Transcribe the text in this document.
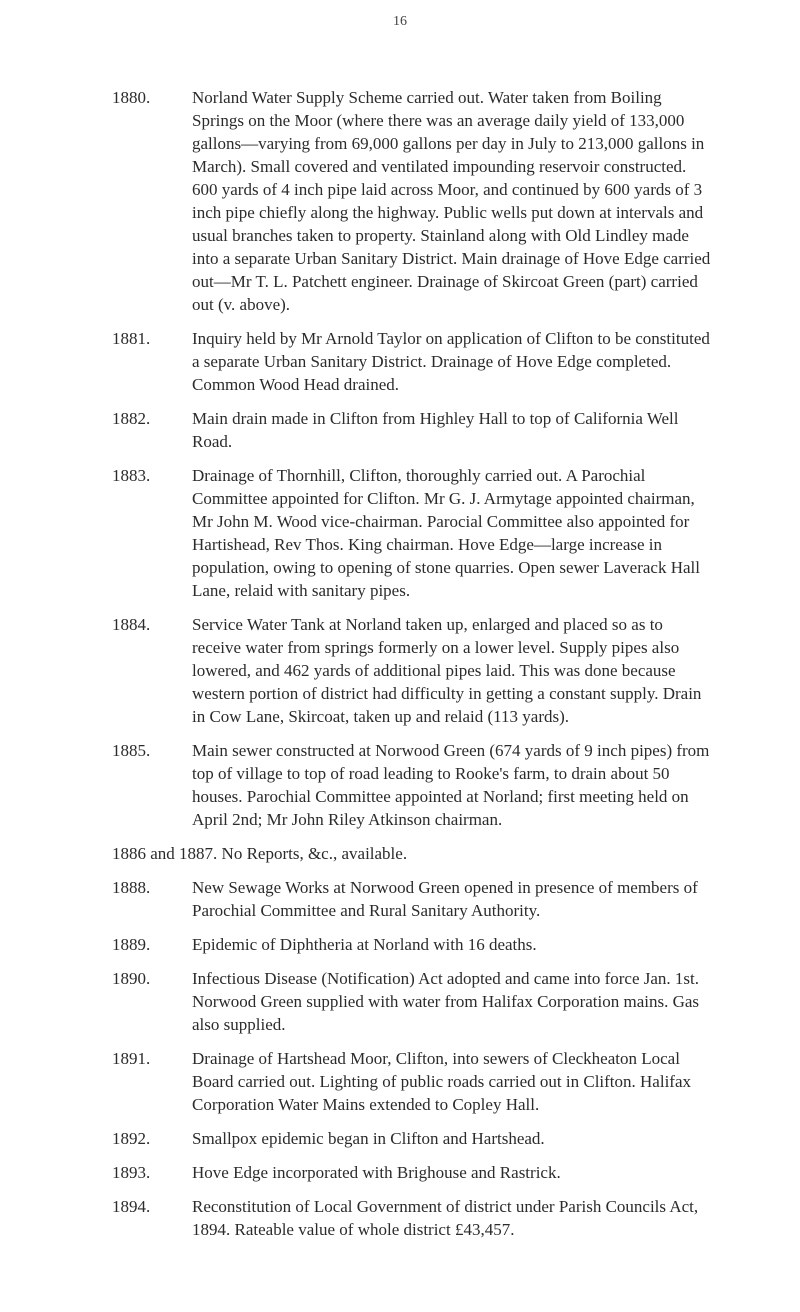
16
1880. Norland Water Supply Scheme carried out. Water taken from Boiling Springs on the Moor (where there was an average daily yield of 133,000 gallons—varying from 69,000 gallons per day in July to 213,000 gallons in March). Small covered and ventilated impounding reservoir constructed. 600 yards of 4 inch pipe laid across Moor, and continued by 600 yards of 3 inch pipe chiefly along the highway. Public wells put down at intervals and usual branches taken to property. Stainland along with Old Lindley made into a separate Urban Sanitary District. Main drainage of Hove Edge carried out—Mr T. L. Patchett engineer. Drainage of Skircoat Green (part) carried out (v. above).
1881. Inquiry held by Mr Arnold Taylor on application of Clifton to be constituted a separate Urban Sanitary District. Drainage of Hove Edge completed. Common Wood Head drained.
1882. Main drain made in Clifton from Highley Hall to top of California Well Road.
1883. Drainage of Thornhill, Clifton, thoroughly carried out. A Parochial Committee appointed for Clifton. Mr G. J. Armytage appointed chairman, Mr John M. Wood vice-chairman. Parocial Committee also appointed for Hartishead, Rev Thos. King chairman. Hove Edge—large increase in population, owing to opening of stone quarries. Open sewer Laverack Hall Lane, relaid with sanitary pipes.
1884. Service Water Tank at Norland taken up, enlarged and placed so as to receive water from springs formerly on a lower level. Supply pipes also lowered, and 462 yards of additional pipes laid. This was done because western portion of district had difficulty in getting a constant supply. Drain in Cow Lane, Skircoat, taken up and relaid (113 yards).
1885. Main sewer constructed at Norwood Green (674 yards of 9 inch pipes) from top of village to top of road leading to Rooke's farm, to drain about 50 houses. Parochial Committee appointed at Norland; first meeting held on April 2nd; Mr John Riley Atkinson chairman.
1886 and 1887. No Reports, &c., available.
1888. New Sewage Works at Norwood Green opened in presence of members of Parochial Committee and Rural Sanitary Authority.
1889. Epidemic of Diphtheria at Norland with 16 deaths.
1890. Infectious Disease (Notification) Act adopted and came into force Jan. 1st. Norwood Green supplied with water from Halifax Corporation mains. Gas also supplied.
1891. Drainage of Hartshead Moor, Clifton, into sewers of Cleckheaton Local Board carried out. Lighting of public roads carried out in Clifton. Halifax Corporation Water Mains extended to Copley Hall.
1892. Smallpox epidemic began in Clifton and Hartshead.
1893. Hove Edge incorporated with Brighouse and Rastrick.
1894. Reconstitution of Local Government of district under Parish Councils Act, 1894. Rateable value of whole district £43,457.
